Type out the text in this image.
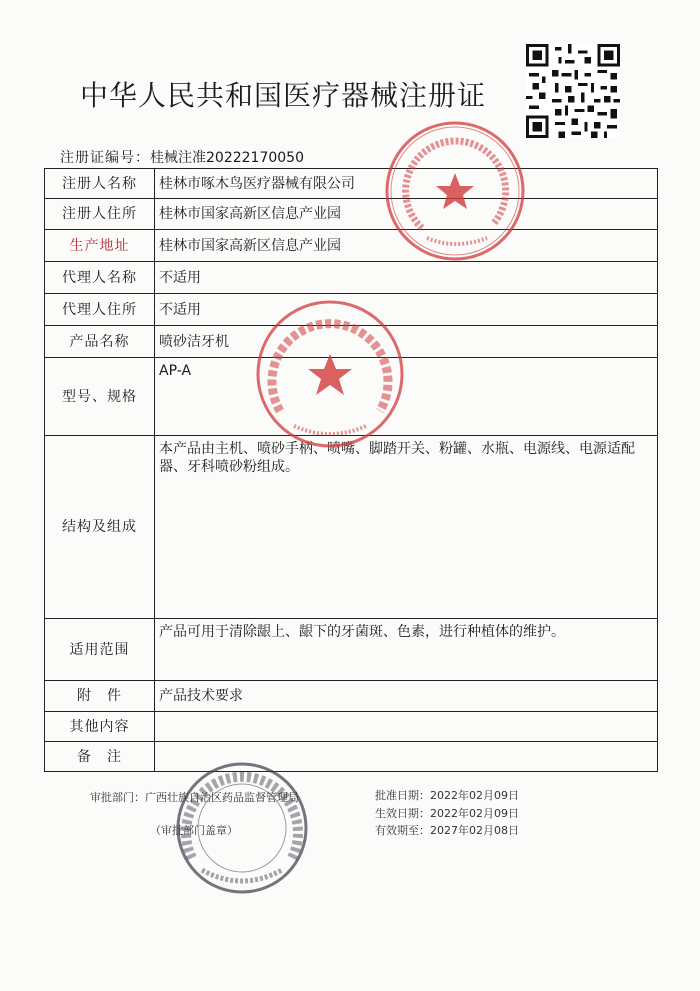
中华人民共和国医疗器械注册证
注册证编号：桂械注准20222170050
注册人名称	桂林市啄木鸟医疗器械有限公司
注册人住所	桂林市国家高新区信息产业园
生产地址	桂林市国家高新区信息产业园
代理人名称	不适用
代理人住所	不适用
产品名称	喷砂洁牙机
型号、规格	AP-A
结构及组成	本产品由主机、喷砂手柄、喷嘴、脚踏开关、粉罐、水瓶、电源线、电源适配器、牙科喷砂粉组成。
适用范围	产品可用于清除龈上、龈下的牙菌斑、色素，进行种植体的维护。
附　件	产品技术要求
其他内容	
备　注	
审批部门：广西壮族自治区药品监督管理局
（审批部门盖章）
批准日期：2022年02月09日
生效日期：2022年02月09日
有效期至：2027年02月08日
